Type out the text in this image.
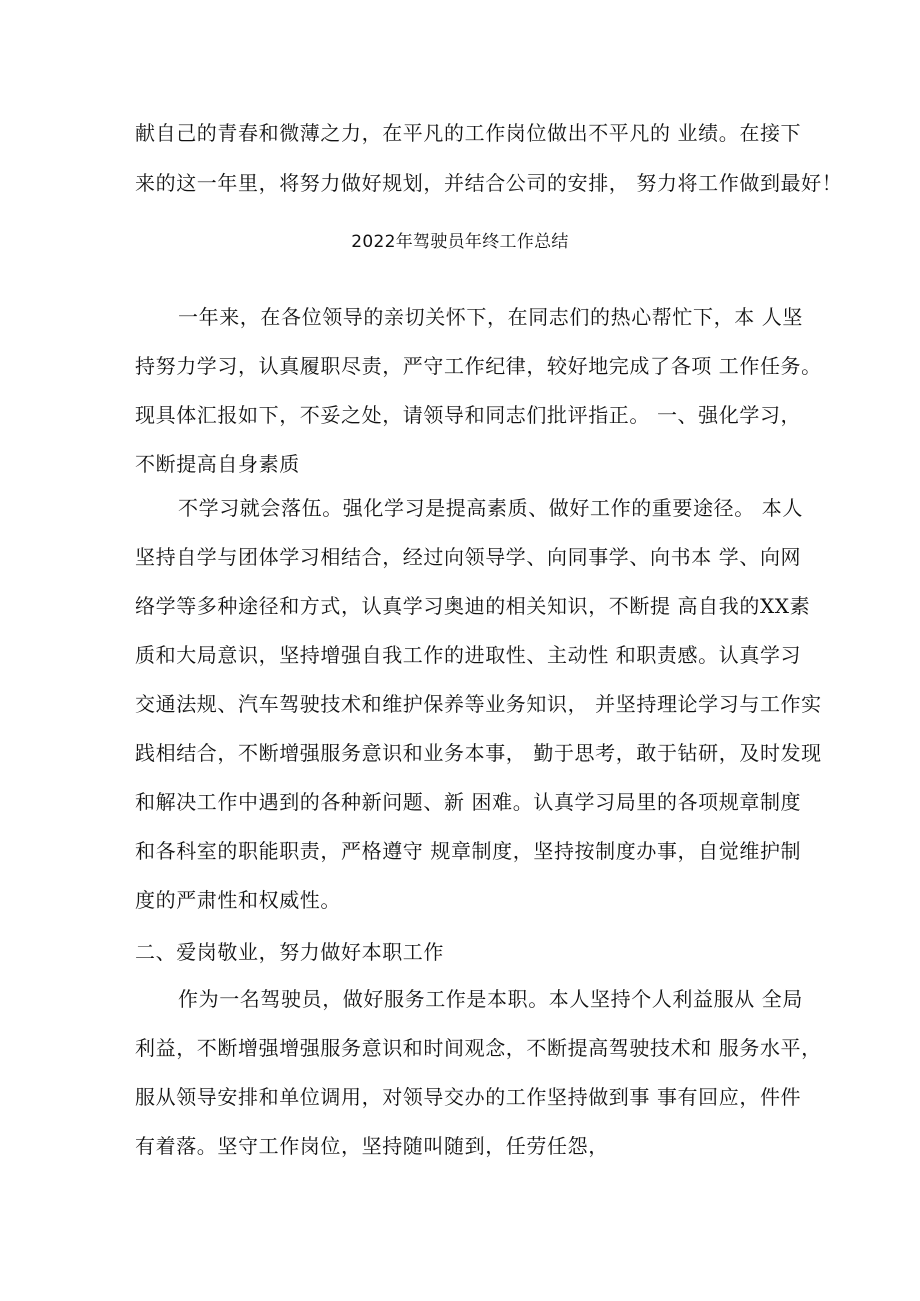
献自己的青春和微薄之力，在平凡的工作岗位做出不平凡的 业绩。在接下
来的这一年里，将努力做好规划，并结合公司的安排， 努力将工作做到最好！
2022年驾驶员年终工作总结
一年来，在各位领导的亲切关怀下，在同志们的热心帮忙下，本 人坚
持努力学习，认真履职尽责，严守工作纪律，较好地完成了各项 工作任务。
现具体汇报如下，不妥之处，请领导和同志们批评指正。 一、强化学习，
不断提高自身素质
不学习就会落伍。强化学习是提高素质、做好工作的重要途径。 本人
坚持自学与团体学习相结合，经过向领导学、向同事学、向书本 学、向网
络学等多种途径和方式，认真学习奥迪的相关知识，不断提 高自我的XX素
质和大局意识，坚持增强自我工作的进取性、主动性 和职责感。认真学习
交通法规、汽车驾驶技术和维护保养等业务知识， 并坚持理论学习与工作实
践相结合，不断增强服务意识和业务本事， 勤于思考，敢于钻研，及时发现
和解决工作中遇到的各种新问题、新 困难。认真学习局里的各项规章制度
和各科室的职能职责，严格遵守 规章制度，坚持按制度办事，自觉维护制
度的严肃性和权威性。
二、爱岗敬业，努力做好本职工作
作为一名驾驶员，做好服务工作是本职。本人坚持个人利益服从 全局
利益，不断增强增强服务意识和时间观念，不断提高驾驶技术和 服务水平，
服从领导安排和单位调用，对领导交办的工作坚持做到事 事有回应，件件
有着落。坚守工作岗位，坚持随叫随到，任劳任怨，
